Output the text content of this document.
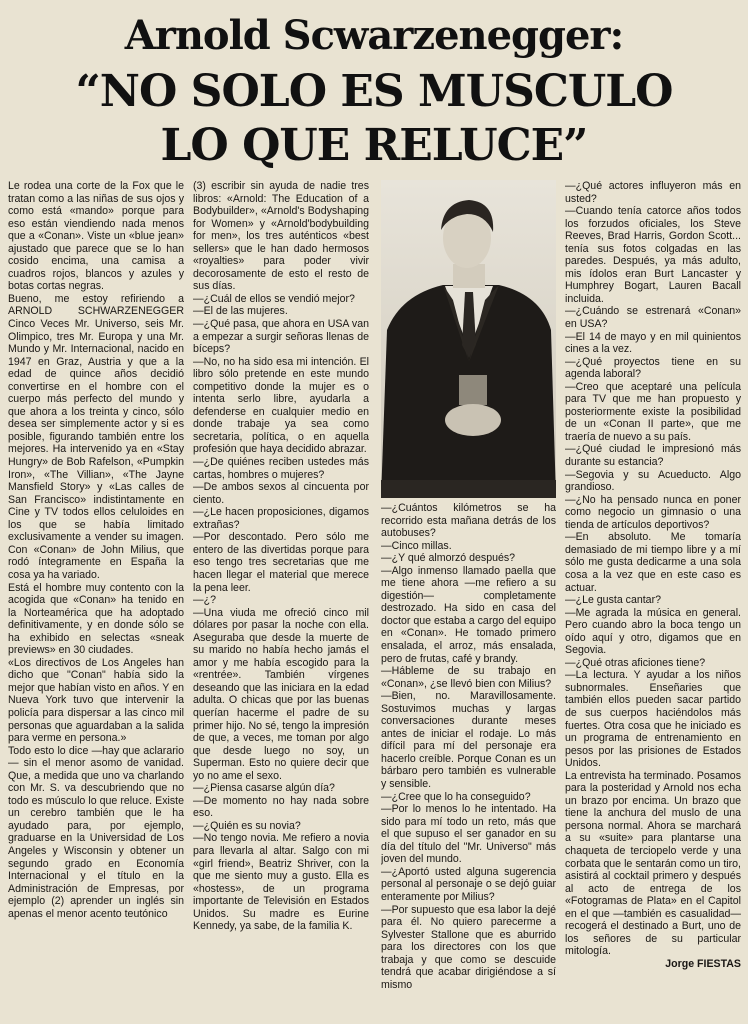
Arnold Scwarzenegger:
“NO SOLO ES MUSCULO
LO QUE RELUCE”

Le rodea una corte de la Fox que le tratan como a las niñas de sus ojos y como está «mando» porque para eso están viendiendo nada menos que a «Conan». Viste un «blue jean» ajustado que parece que se lo han cosido encima, una camisa a cuadros rojos, blancos y azules y botas cortas negras.

Bueno, me estoy refiriendo a ARNOLD SCHWARZENEGGER Cinco Veces Mr. Universo, seis Mr. Olimpico, tres Mr. Europa y una Mr. Mundo y Mr. Internacional, nacido en 1947 en Graz, Austria y que a la edad de quince años decidió convertirse en el hombre con el cuerpo más perfecto del mundo y que ahora a los treinta y cinco, sólo desea ser simplemente actor y si es posible, figurando también entre los mejores. Ha intervenido ya en «Stay Hungry» de Bob Rafelson, «Pumpkin Iron», «The Villian», «The Jayne Mansfield Story» y «Las calles de San Francisco» indistintamente en Cine y TV todos ellos celuloides en los que se había limitado exclusivamente a vender su imagen. Con «Conan» de John Milius, que rodó íntegramente en España la cosa ya ha variado.

Está el hombre muy contento con la acogida que «Conan» ha tenido en la Norteamérica que ha adoptado definitivamente, y en donde sólo se ha exhibido en selectas «sneak previews» en 30 ciudades.

«Los directivos de Los Angeles han dicho que "Conan" había sido la mejor que habían visto en años. Y en Nueva York tuvo que intervenir la policía para dispersar a las cinco mil personas que aguardaban a la salida para verme en persona.»

Todo esto lo dice —hay que aclarario— sin el menor asomo de vanidad. Que, a medida que uno va charlando con Mr. S. va descubriendo que no todo es músculo lo que reluce. Existe un cerebro también que le ha ayudado para, por ejemplo, graduarse en la Universidad de Los Angeles y Wisconsin y obtener un segundo grado en Economía Internacional y el título en la Administración de Empresas, por ejemplo (2) aprender un inglés sin apenas el menor acento teutónico

(3) escribir sin ayuda de nadie tres libros: «Arnold: The Education of a Bodybuilder», «Arnold's Bodyshaping for Women» y «Arnold'bodybuilding for men», los tres auténticos «best sellers» que le han dado hermosos «royalties» para poder vivir decorosamente de esto el resto de sus días.

—¿Cuál de ellos se vendió mejor?

—El de las mujeres.

—¿Qué pasa, que ahora en USA van a empezar a surgir señoras llenas de bíceps?

—No, no ha sido esa mi intención. El libro sólo pretende en este mundo competitivo donde la mujer es o intenta serlo libre, ayudarla a defenderse en cualquier medio en donde trabaje ya sea como secretaria, política, o en aquella profesión que haya decidido abrazar.

—¿De quiénes reciben ustedes más cartas, hombres o mujeres?

—De ambos sexos al cincuenta por ciento.

—¿Le hacen proposiciones, digamos extrañas?

—Por descontado. Pero sólo me entero de las divertidas porque para eso tengo tres secretarias que me hacen llegar el material que merece la pena leer.

—¿?

—Una viuda me ofreció cinco mil dólares por pasar la noche con ella. Aseguraba que desde la muerte de su marido no había hecho jamás el amor y me había escogido para la «rentrée». También vírgenes deseando que las iniciara en la edad adulta. O chicas que por las buenas querían hacerme el padre de su primer hijo. No sé, tengo la impresión de que, a veces, me toman por algo que desde luego no soy, un Superman. Esto no quiere decir que yo no ame el sexo.

—¿Piensa casarse algún día?

—De momento no hay nada sobre eso.

—¿Quién es su novia?

—No tengo novia. Me refiero a novia para llevarla al altar. Salgo con mi «girl friend», Beatriz Shriver, con la que me siento muy a gusto. Ella es «hostess», de un programa importante de Televisión en Estados Unidos. Su madre es Eurine Kennedy, ya sabe, de la familia K.

—¿Cuántos kilómetros se ha recorrido esta mañana detrás de los autobuses?

—Cinco millas.

—¿Y qué almorzó después?

—Algo inmenso llamado paella que me tiene ahora —me refiero a su digestión— completamente destrozado. Ha sido en casa del doctor que estaba a cargo del equipo en «Conan». He tomado primero ensalada, el arroz, más ensalada, pero de frutas, café y brandy.

—Hábleme de su trabajo en «Conan», ¿se llevó bien con Milius?

—Bien, no. Maravillosamente. Sostuvimos muchas y largas conversaciones durante meses antes de iniciar el rodaje. Lo más difícil para mí del personaje era hacerlo creíble. Porque Conan es un bárbaro pero también es vulnerable y sensible.

—¿Cree que lo ha conseguido?

—Por lo menos lo he intentado. Ha sido para mí todo un reto, más que el que supuso el ser ganador en su día del título del "Mr. Universo" más joven del mundo.

—¿Aportó usted alguna sugerencia personal al personaje o se dejó guiar enteramente por Milius?

—Por supuesto que esa labor la dejé para él. No quiero parecerme a Sylvester Stallone que es aburrido para los directores con los que trabaja y que como se descuide tendrá que acabar dirigiéndose a sí mismo

—¿Qué actores influyeron más en usted?

—Cuando tenía catorce años todos los forzudos oficiales, los Steve Reeves, Brad Harris, Gordon Scott... tenía sus fotos colgadas en las paredes. Después, ya más adulto, mis ídolos eran Burt Lancaster y Humphrey Bogart, Lauren Bacall incluida.

—¿Cuándo se estrenará «Conan» en USA?

—El 14 de mayo y en mil quinientos cines a la vez.

—¿Qué proyectos tiene en su agenda laboral?

—Creo que aceptaré una película para TV que me han propuesto y posteriormente existe la posibilidad de un «Conan II parte», que me traería de nuevo a su país.

—¿Qué ciudad le impresionó más durante su estancia?

—Segovia y su Acueducto. Algo grandioso.

—¿No ha pensado nunca en poner como negocio un gimnasio o una tienda de artículos deportivos?

—En absoluto. Me tomaría demasiado de mi tiempo libre y a mí sólo me gusta dedicarme a una sola cosa a la vez que en este caso es actuar.

—¿Le gusta cantar?

—Me agrada la música en general. Pero cuando abro la boca tengo un oído aquí y otro, digamos que en Segovia.

—¿Qué otras aficiones tiene?

—La lectura. Y ayudar a los niños subnormales. Enseñaries que también ellos pueden sacar partido de sus cuerpos haciéndolos más fuertes. Otra cosa que he iniciado es un programa de entrenamiento en pesos por las prisiones de Estados Unidos.

La entrevista ha terminado. Posamos para la posteridad y Arnold nos echa un brazo por encima. Un brazo que tiene la anchura del muslo de una persona normal. Ahora se marchará a su «suite» para plantarse una chaqueta de terciopelo verde y una corbata que le sentarán como un tiro, asistirá al cocktail primero y después al acto de entrega de los «Fotogramas de Plata» en el Capitol en el que —también es casualidad— recogerá el destinado a Burt, uno de los señores de su particular mitología.

Jorge FIESTAS
